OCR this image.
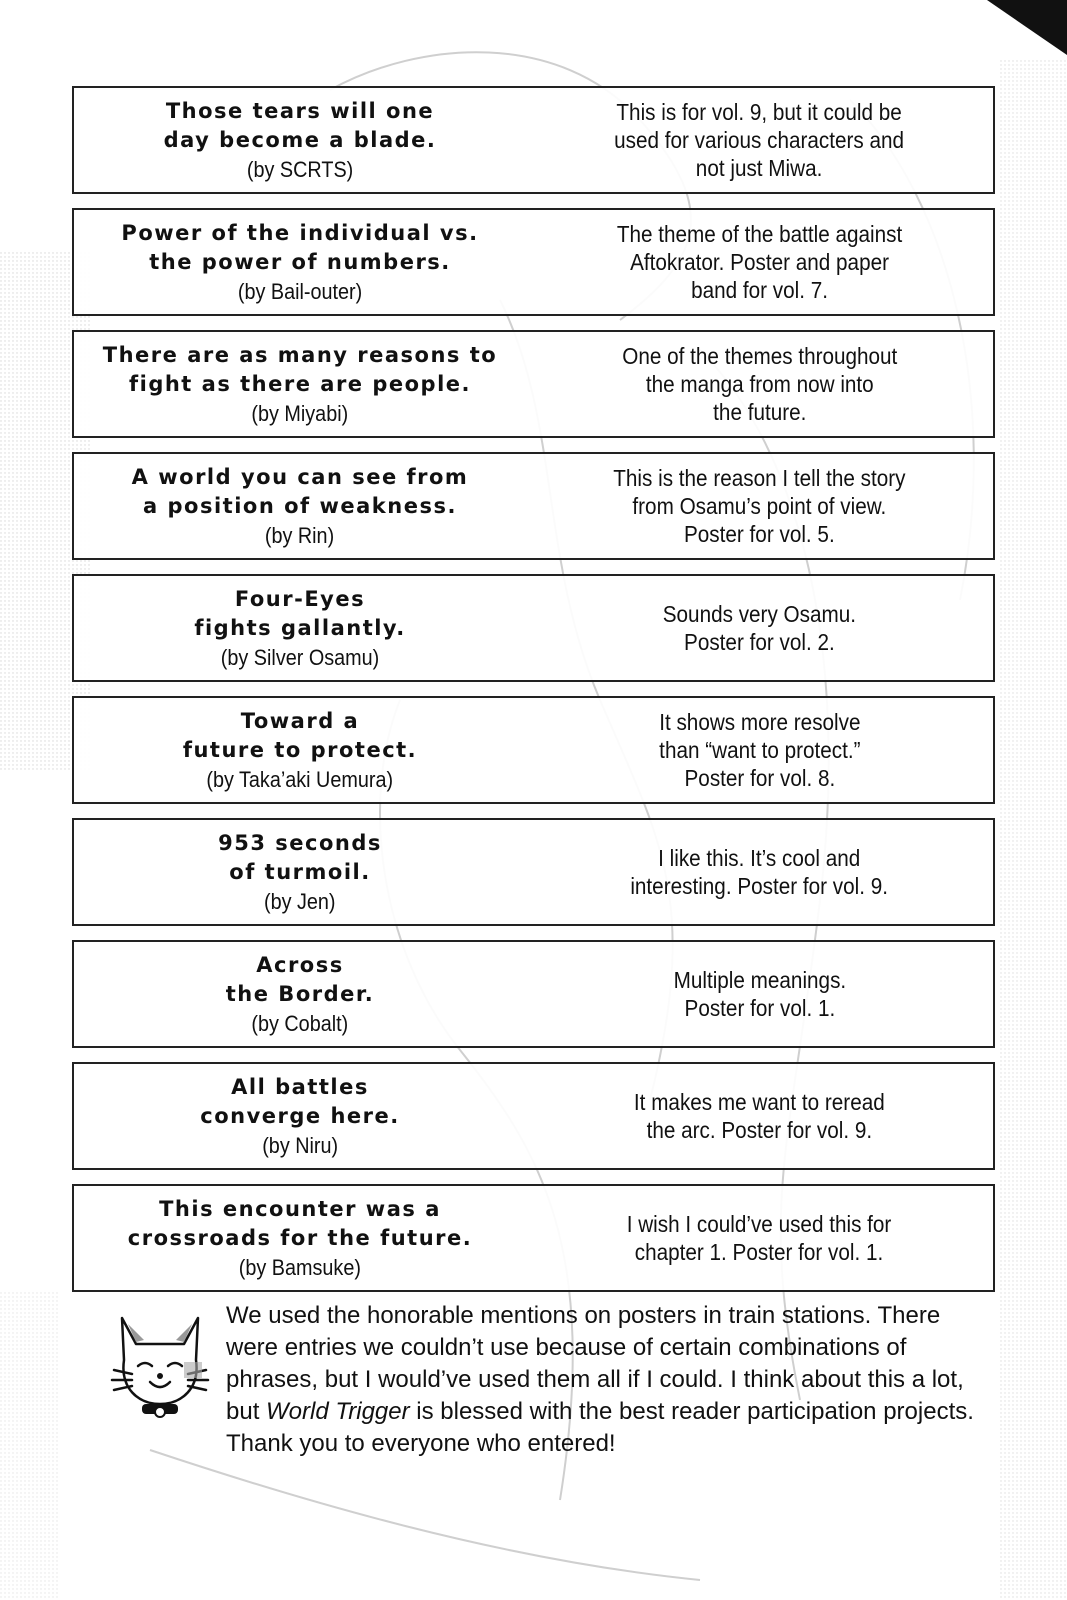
Those tears will one
day become a blade.
(by SCRTS)
This is for vol. 9, but it could be
used for various characters and
not just Miwa.
Power of the individual vs.
the power of numbers.
(by Bail-outer)
The theme of the battle against
Aftokrator. Poster and paper
band for vol. 7.
There are as many reasons to
fight as there are people.
(by Miyabi)
One of the themes throughout
the manga from now into
the future.
A world you can see from
a position of weakness.
(by Rin)
This is the reason I tell the story
from Osamu’s point of view.
Poster for vol. 5.
Four-Eyes
fights gallantly.
(by Silver Osamu)
Sounds very Osamu.
Poster for vol. 2.
Toward a
future to protect.
(by Taka’aki Uemura)
It shows more resolve
than “want to protect.”
Poster for vol. 8.
953 seconds
of turmoil.
(by Jen)
I like this. It’s cool and
interesting. Poster for vol. 9.
Across
the Border.
(by Cobalt)
Multiple meanings.
Poster for vol. 1.
All battles
converge here.
(by Niru)
It makes me want to reread
the arc. Poster for vol. 9.
This encounter was a
crossroads for the future.
(by Bamsuke)
I wish I could’ve used this for
chapter 1. Poster for vol. 1.
We used the honorable mentions on posters in train stations. There were entries we couldn’t use because of certain combinations of phrases, but I would’ve used them all if I could. I think about this a lot, but World Trigger is blessed with the best reader participation projects. Thank you to everyone who entered!
